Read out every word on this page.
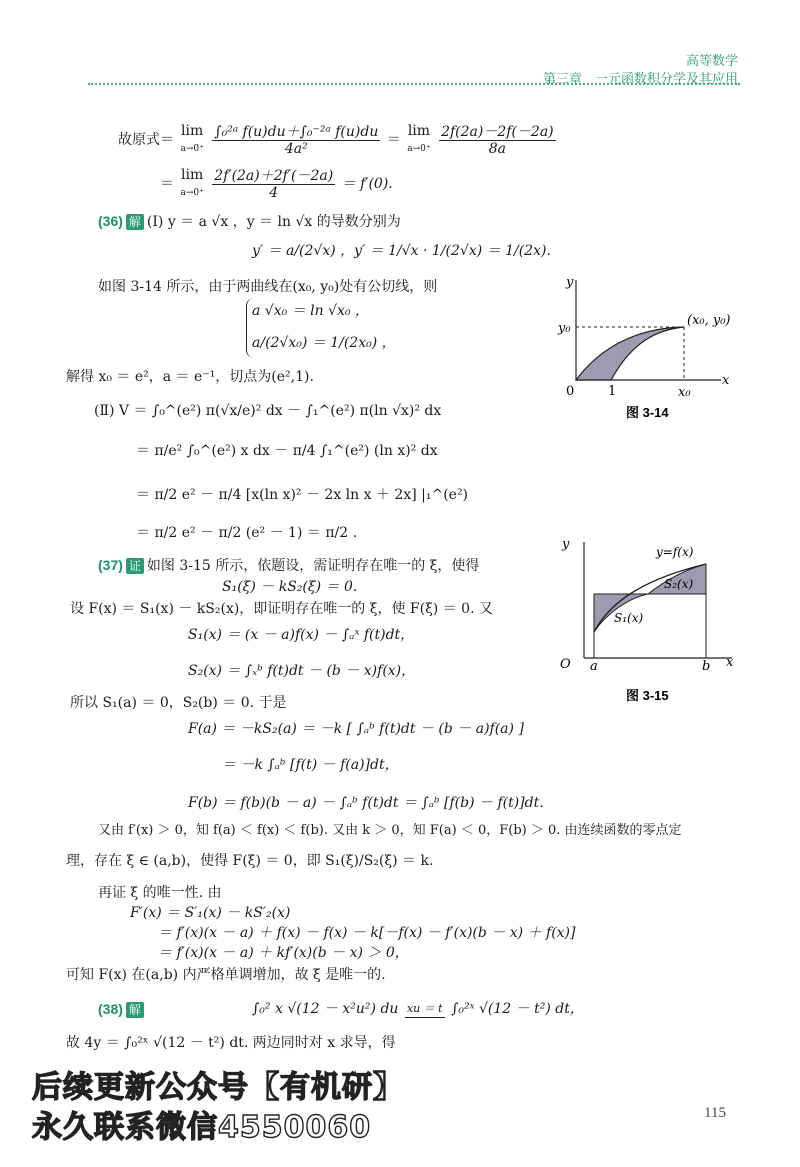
高等数学
第三章　一元函数积分学及其应用
故原式＝ lim
a→0⁺
$\frac{\text{∫₀²ᵃ f(u)du＋∫₀⁻²ᵃ f(u)du}}{\text{4a²}} = \lim$
a→0⁺
$\frac{2f(2a)-2f(-2a)}{8a}$
＝ lim
a→0⁺
$\frac{2f'(2a)+2f'(-2a)}{4} = f'(0)$.
(36) 解 (Ⅰ) y ＝ a √x ，y ＝ ln √x 的导数分别为
y′ ＝ a/(2√x) ，y′ ＝ 1/√x · 1/(2√x) ＝ 1/(2x).
如图 3-14 所示，由于两曲线在(x₀, y₀)处有公切线，则
a √x₀ ＝ ln √x₀ ，
a/(2√x₀) ＝ 1/(2x₀) ，
解得 x₀ ＝ e²，a ＝ e⁻¹，切点为(e²,1).
(Ⅱ) V ＝ ∫₀^(e²) π(√x/e)² dx － ∫₁^(e²) π(ln √x)² dx
＝ π/e² ∫₀^(e²) x dx － π/4 ∫₁^(e²) (ln x)² dx
＝ π/2 e² － π/4 [x(ln x)² － 2x ln x ＋ 2x] |₁^(e²)
＝ π/2 e² － π/2 (e² － 1) ＝ π/2 .
y
x
0	1	x₀
y₀
(x₀, y₀)
图 3-14
(37) 证 如图 3-15 所示，依题设，需证明存在唯一的 ξ，使得
S₁(ξ) － kS₂(ξ) ＝ 0.
设 F(x) ＝ S₁(x) － kS₂(x)，即证明存在唯一的 ξ，使 F(ξ) ＝ 0. 又
S₁(x) ＝ (x － a)f(x) － ∫ₐˣ f(t)dt，
S₂(x) ＝ ∫ₓᵇ f(t)dt － (b － x)f(x)，
所以 S₁(a) ＝ 0，S₂(b) ＝ 0. 于是
F(a) ＝ －kS₂(a) ＝ －k [ ∫ₐᵇ f(t)dt － (b － a)f(a) ]
＝ －k ∫ₐᵇ [f(t) － f(a)]dt，
F(b) ＝ f(b)(b － a) － ∫ₐᵇ f(t)dt ＝ ∫ₐᵇ [f(b) － f(t)]dt.
又由 f′(x) ＞ 0，知 f(a) ＜ f(x) ＜ f(b). 又由 k ＞ 0，知 F(a) ＜ 0，F(b) ＞ 0. 由连续函数的零点定
理，存在 ξ ∈ (a,b)，使得 F(ξ) ＝ 0，即 S₁(ξ)/S₂(ξ) ＝ k.
再证 ξ 的唯一性. 由
F′(x) ＝ S′₁(x) － kS′₂(x)
＝ f′(x)(x － a) ＋ f(x) － f(x) － k[－f(x) － f′(x)(b － x) ＋ f(x)]
＝ f′(x)(x － a) ＋ kf′(x)(b － x) ＞ 0，
可知 F(x) 在(a,b) 内严格单调增加，故 ξ 是唯一的.
y
x
O a	b
y=f(x)
S₁(x)
S₂(x)
图 3-15
(38) 解	∫₀² x √(12 － x²u²) du xu ＝ t ∫₀²ˣ √(12 － t²) dt，
故 4y ＝ ∫₀²ˣ √(12 － t²) dt. 两边同时对 x 求导，得
后续更新公众号【有机研】
永久联系微信4550060	115
